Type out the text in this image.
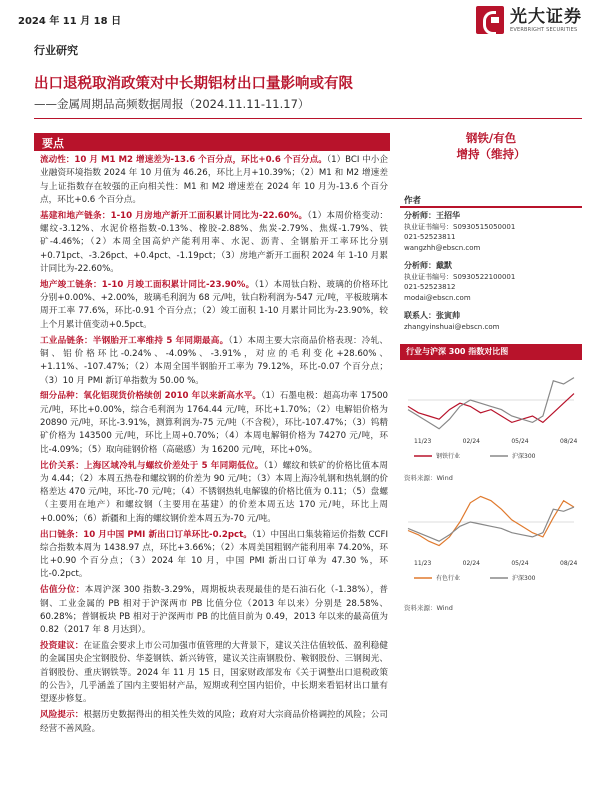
2024 年 11 月 18 日	光大证券
EVERBRIGHT SECURITIES
行业研究
出口退税取消政策对中长期铝材出口量影响或有限
——金属周期品高频数据周报（2024.11.11-11.17）
要点
流动性：10 月 M1 M2 增速差为-13.6 个百分点，环比+0.6 个百分点。（1）BCI 中小企业融资环境指数 2024 年 10 月值为 46.26，环比上月+10.39%；（2）M1 和 M2 增速差与上证指数存在较强的正向相关性：M1 和 M2 增速差在 2024 年 10 月为-13.6 个百分点，环比+0.6 个百分点。
基建和地产链条：1-10 月房地产新开工面积累计同比为-22.60%。（1）本周价格变动：螺纹-3.12%、水泥价格指数-0.13%、橡胶-2.88%、焦炭-2.79%、焦煤-1.79%、铁矿-4.46%；（2）本周全国高炉产能利用率、水泥、沥青、全钢胎开工率环比分别+0.71pct、-3.26pct、+0.4pct、-1.19pct；（3）房地产新开工面积 2024 年 1-10 月累计同比为-22.60%。
地产竣工链条：1-10 月竣工面积累计同比-23.90%。（1）本周钛白粉、玻璃的价格环比分别+0.00%、+2.00%，玻璃毛利润为 68 元/吨，钛白粉利润为-547 元/吨，平板玻璃本周开工率 77.6%，环比-0.91 个百分点；（2）竣工面积 1-10 月累计同比为-23.90%，较上个月累计值变动+0.5pct。
工业品链条：半钢胎开工率维持 5 年同期最高。（1）本周主要大宗商品价格表现：冷轧、铜、铝价格环比-0.24%、-4.09%、-3.91%，对应的毛利变化+28.60%、+1.11%、-107.47%；（2）本周全国半钢胎开工率为 79.12%，环比-0.07 个百分点；（3）10 月 PMI 新订单指数为 50.00 %。
细分品种：氧化铝现货价格续创 2010 年以来新高水平。（1）石墨电极：超高功率 17500 元/吨，环比+0.00%，综合毛利润为 1764.44 元/吨，环比+1.70%；（2）电解铝价格为 20890 元/吨，环比-3.91%，测算利润为-75 元/吨（不含税），环比-107.47%；（3）钨精矿价格为 143500 元/吨，环比上周+0.70%；（4）本周电解铜价格为 74270 元/吨，环比-4.09%；（5）取向硅钢价格（高磁感）为 16200 元/吨，环比+0%。
比价关系：上海区域冷轧与螺纹价差处于 5 年同期低位。（1）螺纹和铁矿的价格比值本周为 4.44；（2）本周五热卷和螺纹钢的价差为 90 元/吨；（3）本周上海冷轧钢和热轧钢的价格差达 470 元/吨，环比-70 元/吨；（4）不锈钢热轧电解镍的价格比值为 0.11；（5）盘螺（主要用在地产）和螺纹钢（主要用在基建）的价差本周五达 170 元/吨，环比上周+0.00%；（6）新疆和上海的螺纹钢价差本周五为-70 元/吨。
出口链条：10 月中国 PMI 新出口订单环比-0.2pct。（1）中国出口集装箱运价指数 CCFI 综合指数本周为 1438.97 点，环比+3.66%；（2）本周美国粗钢产能利用率 74.20%，环比+0.90 个百分点；（3）2024 年 10 月，中国 PMI 新出口订单为 47.30 %，环比-0.2pct。
估值分位：本周沪深 300 指数-3.29%，周期板块表现最佳的是石油石化（-1.38%），普钢、工业金属的 PB 相对于沪深两市 PB 比值分位（2013 年以来）分别是 28.58%、60.28%；普钢板块 PB 相对于沪深两市 PB 的比值目前为 0.49，2013 年以来的最高值为 0.82（2017 年 8 月达到）。
投资建议：在证监会要求上市公司加强市值管理的大背景下，建议关注估值较低、盈利稳健的金属国央企宝钢股份、华菱钢铁、新兴铸管，建议关注南钢股份、鞍钢股份、三钢闽光、首钢股份、重庆钢铁等。2024 年 11 月 15 日，国家财政部发布《关于调整出口退税政策的公告》，几乎涵盖了国内主要铝材产品，短期或利空国内铝价，中长期来看铝材出口量有望逐步修复。
风险提示：根据历史数据得出的相关性失效的风险；政府对大宗商品价格调控的风险；公司经营不善风险。
钢铁/有色
增持（维持）
作者
分析师：王招华
执业证书编号：S0930515050001
021-52523811
wangzhh@ebscn.com
分析师：戴默
执业证书编号：S0930522100001
021-52523812
modai@ebscn.com
联系人：张寅帅
zhangyinshuai@ebscn.com
行业与沪深 300 指数对比图
11/23	02/24	05/24	08/24
钢铁行业	沪深300
资料来源：Wind
11/23	02/24	05/24	08/24
有色行业	沪深300
资料来源：Wind
